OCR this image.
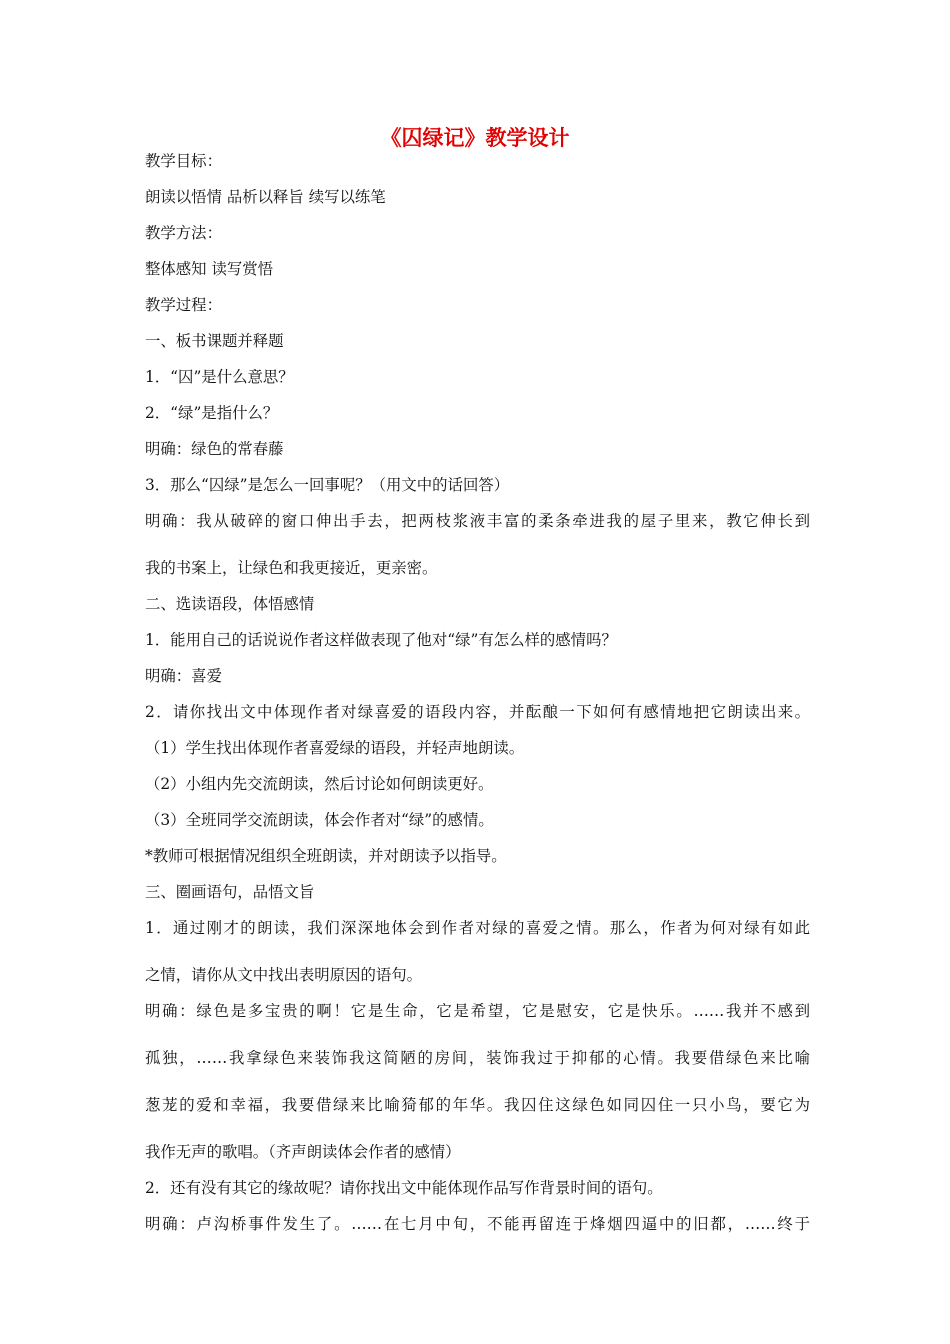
《囚绿记》教学设计
教学目标：
朗读以悟情 品析以释旨 续写以练笔
教学方法：
整体感知 读写赏悟
教学过程：
一、板书课题并释题
1．“囚”是什么意思？
2．“绿”是指什么？
明确：绿色的常春藤
3．那么“囚绿”是怎么一回事呢？（用文中的话回答）
明确：我从破碎的窗口伸出手去，把两枝浆液丰富的柔条牵进我的屋子里来，教它伸长到
我的书案上，让绿色和我更接近，更亲密。
二、选读语段，体悟感情
1．能用自己的话说说作者这样做表现了他对“绿”有怎么样的感情吗？
明确：喜爱
2．请你找出文中体现作者对绿喜爱的语段内容，并酝酿一下如何有感情地把它朗读出来。
（1）学生找出体现作者喜爱绿的语段，并轻声地朗读。
（2）小组内先交流朗读，然后讨论如何朗读更好。
（3）全班同学交流朗读，体会作者对“绿”的感情。
*教师可根据情况组织全班朗读，并对朗读予以指导。
三、圈画语句，品悟文旨
1．通过刚才的朗读，我们深深地体会到作者对绿的喜爱之情。那么，作者为何对绿有如此
之情，请你从文中找出表明原因的语句。
明确：绿色是多宝贵的啊！它是生命，它是希望，它是慰安，它是快乐。……我并不感到
孤独，……我拿绿色来装饰我这简陋的房间，装饰我过于抑郁的心情。我要借绿色来比喻
葱茏的爱和幸福，我要借绿来比喻猗郁的年华。我囚住这绿色如同囚住一只小鸟，要它为
我作无声的歌唱。（齐声朗读体会作者的感情）
2．还有没有其它的缘故呢？请你找出文中能体现作品写作背景时间的语句。
明确：卢沟桥事件发生了。……在七月中旬，不能再留连于烽烟四逼中的旧都，……终于
